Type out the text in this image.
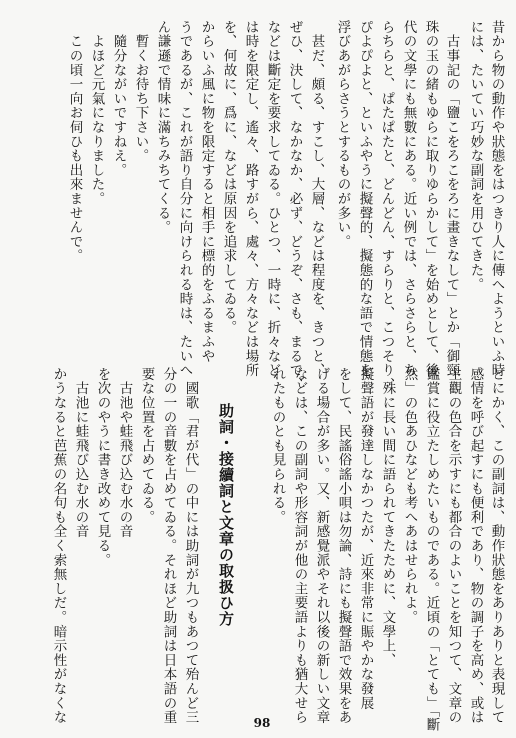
昔から物の動作や狀態をはつきり人に傳へようといふ時
には、たいてい巧妙な副詞を用ひてきた。
　古事記の「鹽こをろこをろに畫きなして」とか「御頸
珠の玉の緒もゆらに取りゆらかして」を始めとして、後
代の文學にも無數にある。近い例では、さらさらと、ち
らちらと、ぱたぱたと、どんどん、すらりと、こつそり、
ぴよぴよと、といふやうに擬聲的、擬態的な語で情態を
浮びあがらさうとするものが多い。
　甚だ、頗る、すこし、大層、などは程度を、きつと、
ぜひ、決して、なかなか、必ず、どうぞ、さも、まるで、
などは斷定を要求してゐる。ひとつ、一時に、折々など
は時を限定し、遙々、路すがら、處々、方々などは場所
を、何故に、爲に、などは原因を追求してゐる。
からいふ風に物を限定すると相手に標的をふるまふや
うであるが、これが語り自分に向けられる時は、たいへ
ん謙遜で情味に滿ちみちてくる。
　暫くお待ち下さい。
　隨分ながいですねえ。
　よほど元氣になりました。
　この頃一向お伺ひも出來ませんで。
とにかく、この副詞は、動作狀態をありありと表現して
感情を呼び起すにも便利であり、物の調子を高め、或は
主觀の色合を示すにも都合のよいことを知つて、文章の
鑑賞に役立たしめたいものである。近頃の「とても」「斷
然」の色あひなども考へあはせられよ。
　殊に長い間に語られてきたために、文學上、
擬聲語が發達しなかつたが、近來非常に賑やかな發展
をして、民謠俗謠小唄は勿論、詩にも擬聲語で效果をあ
げる場合が多い。又、新感覺派やそれ以後の新しい文章
などは、この副詞や形容詞が他の主要語よりも猶大せら
れたものとも見られる。
助詞・接續詞と文章の取扱ひ方
　國歌「君が代」の中には助詞が九つもあつて殆んど三
分の一の音數を占めてゐる。それほど助詞は日本語の重
要な位置を占めてゐる。
　古池や蛙飛び込む水の音
を次のやうに書き改めて見る。
　古池に蛙飛び込む水の音
かうなると芭蕉の名句も全く索無しだ。暗示性がなくな	98
